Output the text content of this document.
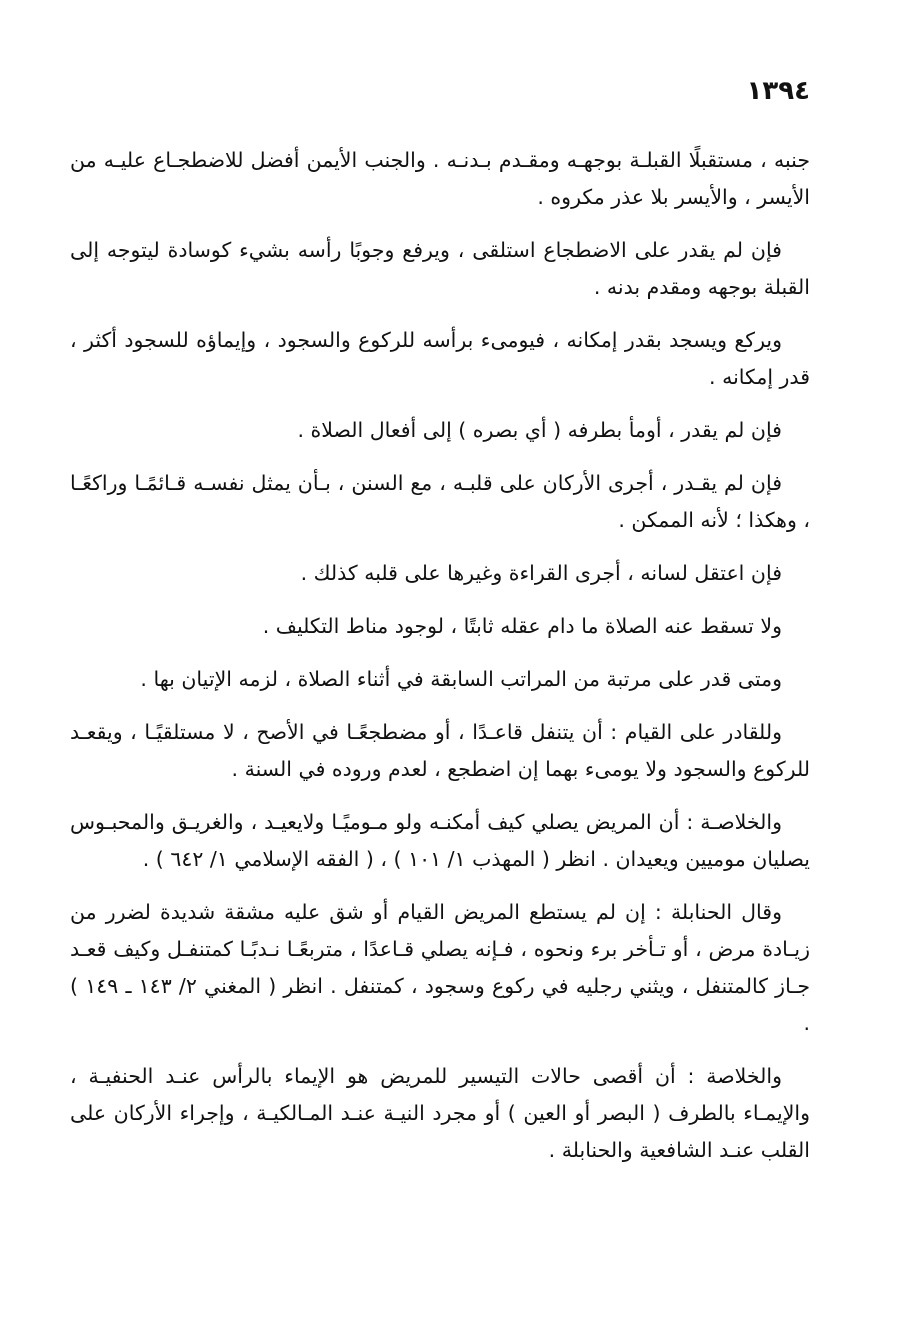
١٣٩٤

جنبه ، مستقبلًا القبلـة بوجهـه ومقـدم بـدنـه . والجنب الأيمن أفضل للاضطجـاع عليـه من الأيسر ، والأيسر بلا عذر مكروه .

فإن لم يقدر على الاضطجاع استلقى ، ويرفع وجوبًا رأسه بشيء كوسادة ليتوجه إلى القبلة بوجهه ومقدم بدنه .

ويركع ويسجد بقدر إمكانه ، فيومىء برأسه للركوع والسجود ، وإيماؤه للسجود أكثر ، قدر إمكانه .

فإن لم يقدر ، أومأ بطرفه ( أي بصره ) إلى أفعال الصلاة .

فإن لم يقـدر ، أجرى الأركان على قلبـه ، مع السنن ، بـأن يمثل نفسـه قـائمًـا وراكعًـا ، وهكذا ؛ لأنه الممكن .

فإن اعتقل لسانه ، أجرى القراءة وغيرها على قلبه كذلك .

ولا تسقط عنه الصلاة ما دام عقله ثابتًا ، لوجود مناط التكليف .

ومتى قدر على مرتبة من المراتب السابقة في أثناء الصلاة ، لزمه الإتيان بها .

وللقادر على القيام : أن يتنفل قاعـدًا ، أو مضطجعًـا في الأصح ، لا مستلقيًـا ، ويقعـد للركوع والسجود ولا يومىء بهما إن اضطجع ، لعدم وروده في السنة .

والخلاصـة : أن المريض يصلي كيف أمكنـه ولو مـوميًـا ولايعيـد ، والغريـق والمحبـوس يصليان موميين ويعيدان . انظر ( المهذب ١/ ١٠١ ) ، ( الفقه الإسلامي ١/ ٦٤٢ ) .

وقال الحنابلة : إن لم يستطع المريض القيام أو شق عليه مشقة شديدة لضرر من زيـادة مرض ، أو تـأخر برء ونحوه ، فـإنه يصلي قـاعدًا ، متربعًـا نـدبًـا كمتنفـل وكيف قعـد جـاز كالمتنفل ، ويثني رجليه في ركوع وسجود ، كمتنفل . انظر ( المغني ٢/ ١٤٣ ـ ١٤٩ ) .

والخلاصة : أن أقصى حالات التيسير للمريض هو الإيماء بالرأس عنـد الحنفيـة ، والإيمـاء بالطرف ( البصر أو العين ) أو مجرد النيـة عنـد المـالكيـة ، وإجراء الأركان على القلب عنـد الشافعية والحنابلة .
